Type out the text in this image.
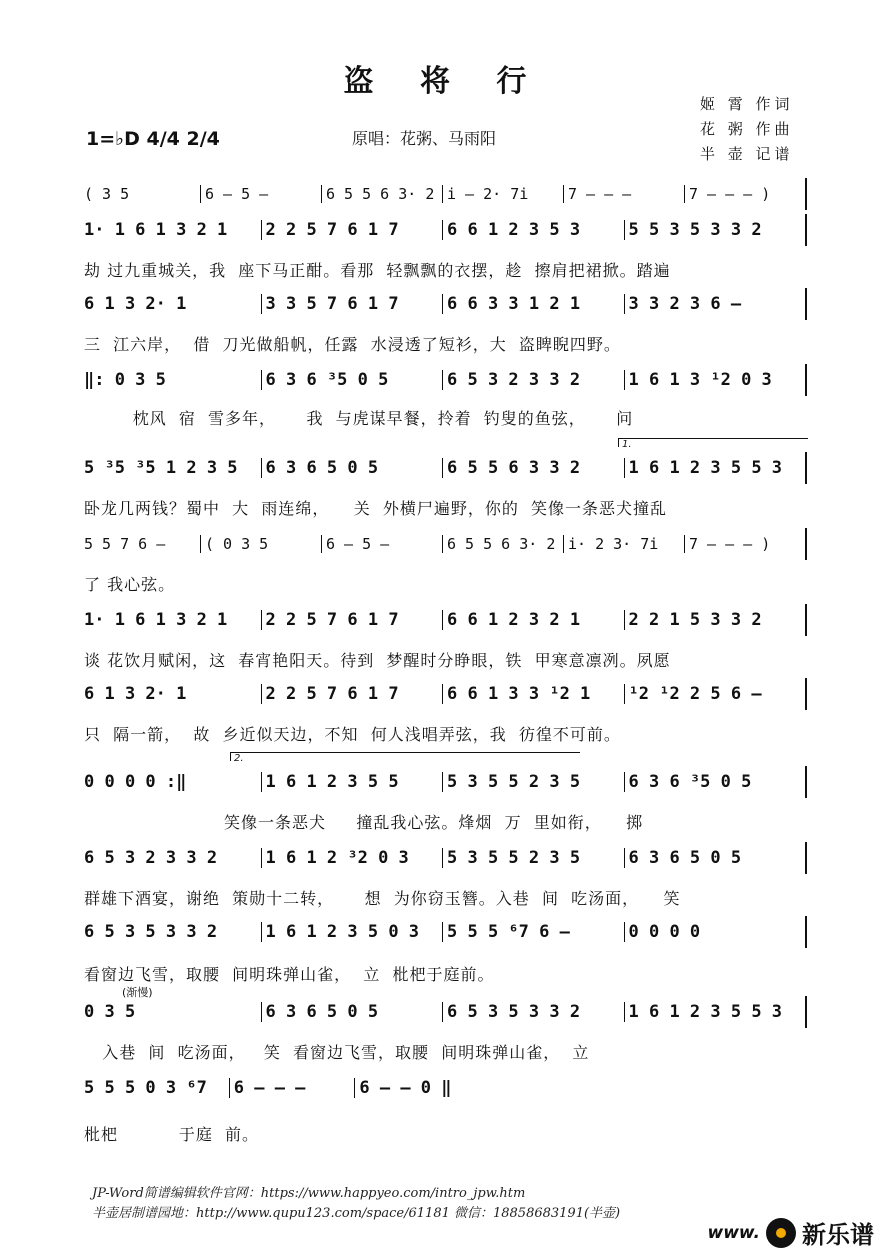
盗 将 行
1=♭D 4/4 2/4	原唱：花粥、马雨阳
姬 霄 作词
花 粥 作曲
半 壶 记谱
( 3 5	6 – 5 –	6 5 5 6 3· 2 i – 2· 7i	7 – – –	7 – – – )
1· 1 6 1 3 2 1	2 2 5 7 6 1 7	6 6 1 2 3 5 3	5 5 3 5 3 3 2
劫 过九重城关，我  座下马正酣。看那  轻飘飘的衣摆，趁  擦肩把裙掀。踏遍
6 1 3 2· 1	3 3 5 7 6 1 7	6 6 3 3 1 2 1	3 3 2 3 6 –
三  江六岸，  借  刀光做船帆，任露  水浸透了短衫，大  盗睥睨四野。
‖: 0 3 5	6 3 6 ³5 0 5	6 5 3 2 3 3 2	1 6 1 3 ¹2 0 3
枕风  宿  雪多年，     我  与虎谋早餐，拎着  钓叟的鱼弦，     问
1.
5 ³5 ³5 1 2 3 5	6 3 6 5 0 5	6 5 5 6 3 3 2	1 6 1 2 3 5 5 3
卧龙几两钱？蜀中  大  雨连绵，    关  外横尸遍野，你的  笑像一条恶犬撞乱
5 5 7 6 –	( 0 3 5	6 – 5 –	6 5 5 6 3· 2 i· 2 3· 7i	7 – – – )
了 我心弦。
1· 1 6 1 3 2 1	2 2 5 7 6 1 7	6 6 1 2 3 2 1	2 2 1 5 3 3 2
谈 花饮月赋闲，这  春宵艳阳天。待到  梦醒时分睁眼，铁  甲寒意凛冽。夙愿
6 1 3 2· 1	2 2 5 7 6 1 7	6 6 1 3 3 ¹2 1	¹2 ¹2 2 5 6 –
只  隔一箭，  故  乡近似天边，不知  何人浅唱弄弦，我  彷徨不可前。
2.
0 0 0 0 :‖	1 6 1 2 3 5 5	5 3 5 5 2 3 5	6 3 6 ³5 0 5
笑像一条恶犬     撞乱我心弦。烽烟  万  里如衔，    掷
6 5 3 2 3 3 2	1 6 1 2 ³2 0 3	5 3 5 5 2 3 5	6 3 6 5 0 5
群雄下酒宴，谢绝  策勋十二转，     想  为你窃玉簪。入巷  间  吃汤面，    笑
6 5 3 5 3 3 2	1 6 1 2 3 5 0 3	5 5 5 ⁶7 6 –	0 0 0 0
看窗边飞雪，取腰  间明珠弹山雀，  立  枇杷于庭前。
(渐慢)
0 3 5	6 3 6 5 0 5	6 5 3 5 3 3 2	1 6 1 2 3 5 5 3
入巷  间  吃汤面，   笑  看窗边飞雪，取腰  间明珠弹山雀，  立
5 5 5 0 3 ⁶7	6 – – –	6 – – 0 ‖
枇杷          于庭  前。
JP-Word简谱编辑软件官网：https://www.happyeo.com/intro_jpw.htm
半壶居制谱园地：http://www.qupu123.com/space/61181 微信：18858683191(半壶)
www. 新乐谱
